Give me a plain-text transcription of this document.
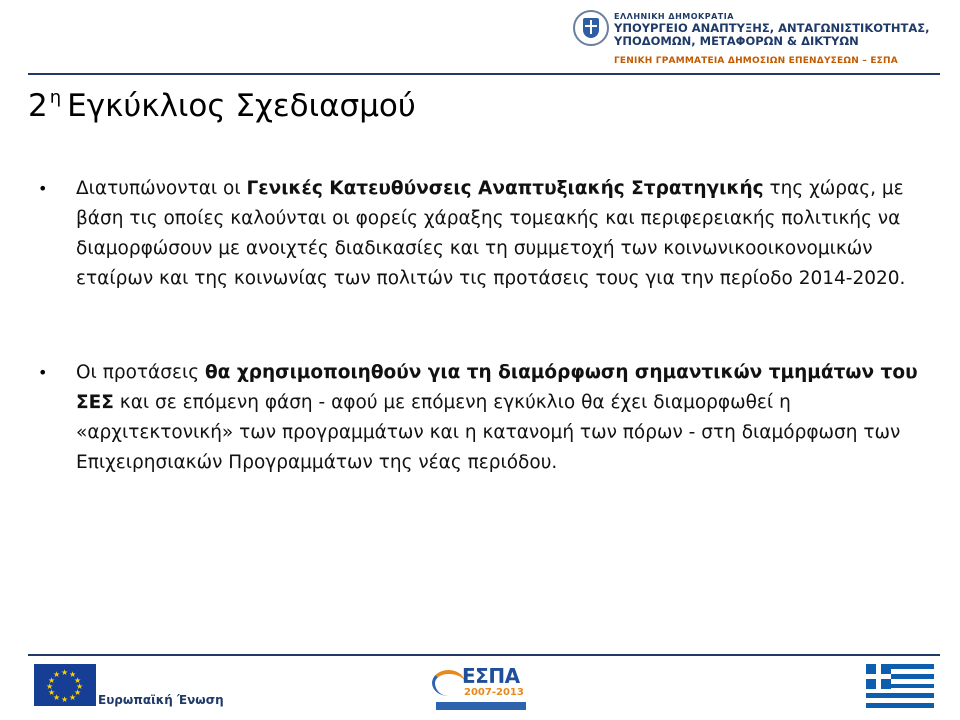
ΕΛΛΗΝΙΚΗ ΔΗΜΟΚΡΑΤΙΑ
ΥΠΟΥΡΓΕΙΟ ΑΝΑΠΤΥΞΗΣ, ΑΝΤΑΓΩΝΙΣΤΙΚΟΤΗΤΑΣ,
ΥΠΟΔΟΜΩΝ, ΜΕΤΑΦΟΡΩΝ & ΔΙΚΤΥΩΝ
ΓΕΝΙΚΗ ΓΡΑΜΜΑΤΕΙΑ ΔΗΜΟΣΙΩΝ ΕΠΕΝΔΥΣΕΩΝ – ΕΣΠΑ
2 $^\eta$ Εγκύκλιος Σχεδιασμού
• Διατυπώνονται οι Γενικές Κατευθύνσεις Αναπτυξιακής Στρατηγικής της χώρας, με βάση τις οποίες καλούνται οι φορείς χάραξης τομεακής και περιφερειακής πολιτικής να διαμορφώσουν με ανοιχτές διαδικασίες και τη συμμετοχή των κοινωνικοοικονομικών εταίρων και της κοινωνίας των πολιτών τις προτάσεις τους για την περίοδο 2014-2020.
• Οι προτάσεις θα χρησιμοποιηθούν για τη διαμόρφωση σημαντικών τμημάτων του ΣΕΣ και σε επόμενη φάση - αφού με επόμενη εγκύκλιο θα έχει διαμορφωθεί η «αρχιτεκτονική» των προγραμμάτων και η κατανομή των πόρων - στη διαμόρφωση των Επιχειρησιακών Προγραμμάτων της νέας περιόδου.
★ ★
★
★
★
★
★
★
★
★
★
★
Ευρωπαϊκή Ένωση
ΕΣΠΑ
2007-2013
